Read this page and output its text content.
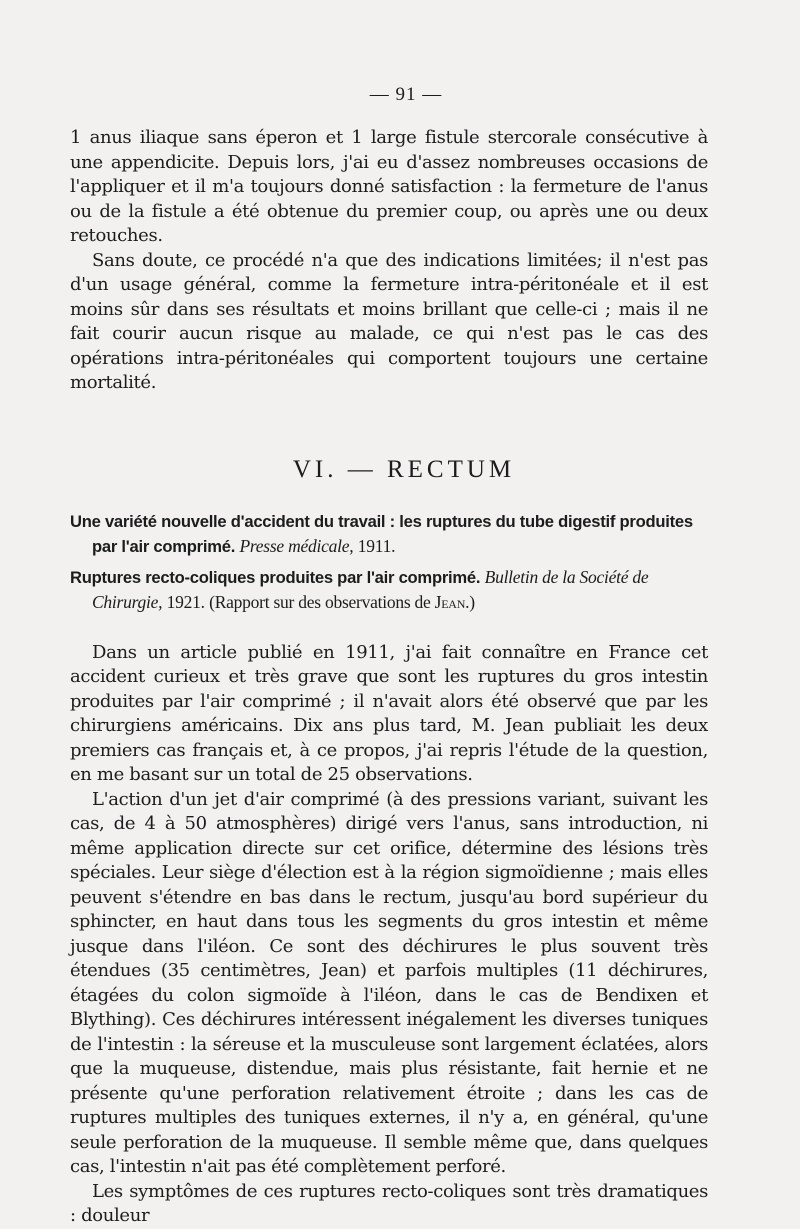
— 91 —

1 anus iliaque sans éperon et 1 large fistule stercorale consécutive à une appendicite. Depuis lors, j'ai eu d'assez nombreuses occasions de l'appliquer et il m'a toujours donné satisfaction : la fermeture de l'anus ou de la fistule a été obtenue du premier coup, ou après une ou deux retouches.

Sans doute, ce procédé n'a que des indications limitées; il n'est pas d'un usage général, comme la fermeture intra-péritonéale et il est moins sûr dans ses résultats et moins brillant que celle-ci ; mais il ne fait courir aucun risque au malade, ce qui n'est pas le cas des opérations intra-péritonéales qui comportent toujours une certaine mortalité.

VI. — RECTUM

Une variété nouvelle d'accident du travail : les ruptures du tube digestif produites par l'air comprimé. Presse médicale, 1911.

Ruptures recto-coliques produites par l'air comprimé. Bulletin de la Société de Chirurgie, 1921. (Rapport sur des observations de Jean.)

Dans un article publié en 1911, j'ai fait connaître en France cet accident curieux et très grave que sont les ruptures du gros intestin produites par l'air comprimé ; il n'avait alors été observé que par les chirurgiens américains. Dix ans plus tard, M. Jean publiait les deux premiers cas français et, à ce propos, j'ai repris l'étude de la question, en me basant sur un total de 25 observations.

L'action d'un jet d'air comprimé (à des pressions variant, suivant les cas, de 4 à 50 atmosphères) dirigé vers l'anus, sans introduction, ni même application directe sur cet orifice, détermine des lésions très spéciales. Leur siège d'élection est à la région sigmoïdienne ; mais elles peuvent s'étendre en bas dans le rectum, jusqu'au bord supérieur du sphincter, en haut dans tous les segments du gros intestin et même jusque dans l'iléon. Ce sont des déchirures le plus souvent très étendues (35 centimètres, Jean) et parfois multiples (11 déchirures, étagées du colon sigmoïde à l'iléon, dans le cas de Bendixen et Blything). Ces déchirures intéressent inégalement les diverses tuniques de l'intestin : la séreuse et la musculeuse sont largement éclatées, alors que la muqueuse, distendue, mais plus résistante, fait hernie et ne présente qu'une perforation relativement étroite ; dans les cas de ruptures multiples des tuniques externes, il n'y a, en général, qu'une seule perforation de la muqueuse. Il semble même que, dans quelques cas, l'intestin n'ait pas été complètement perforé.

Les symptômes de ces ruptures recto-coliques sont très dramatiques : douleur
